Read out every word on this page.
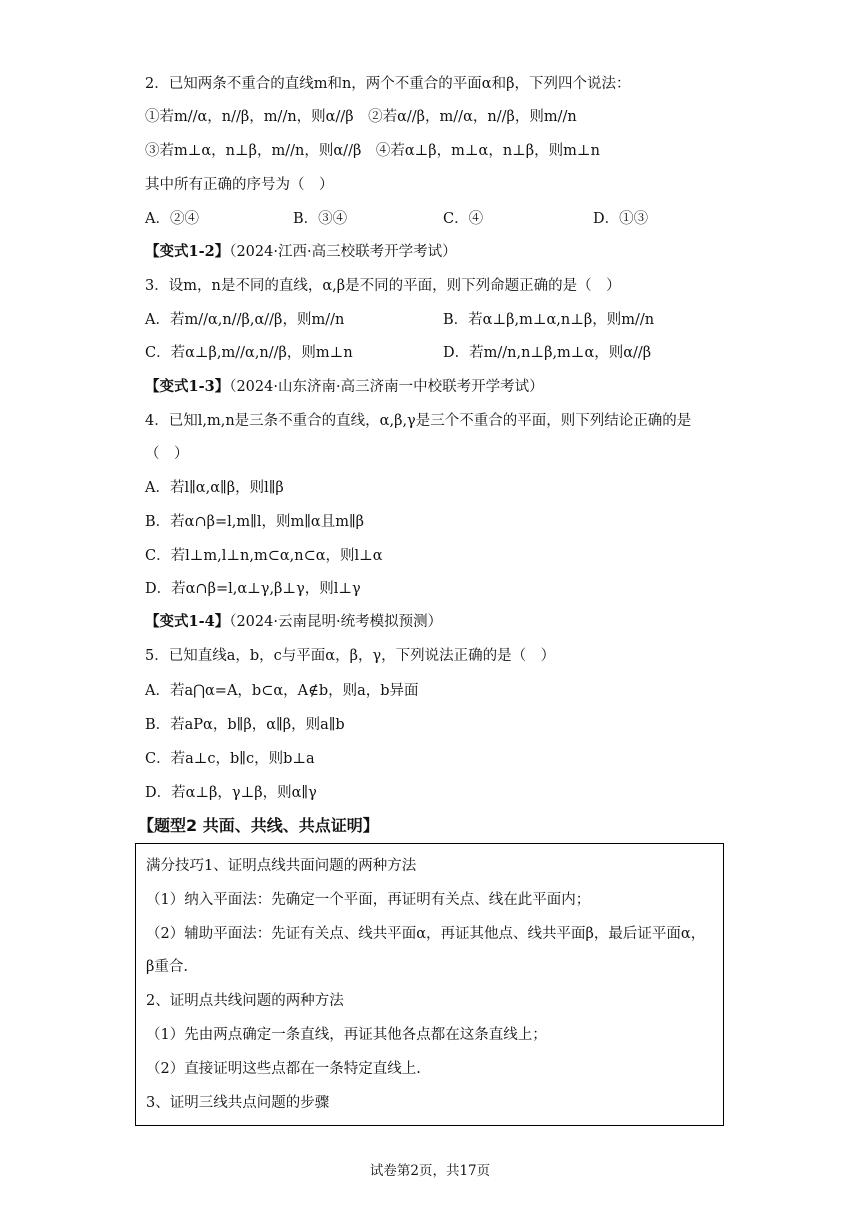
2．已知两条不重合的直线m和n，两个不重合的平面α和β，下列四个说法：
①若m//α，n//β，m//n，则α//β　②若α//β，m//α，n//β，则m//n
③若m⊥α，n⊥β，m//n，则α//β　④若α⊥β，m⊥α，n⊥β，则m⊥n
其中所有正确的序号为（　）
A．②④	B．③④	C．④	D．①③
【变式1-2】（2024·江西·高三校联考开学考试）
3．设m，n是不同的直线，α,β是不同的平面，则下列命题正确的是（　）
A．若m//α,n//β,α//β，则m//n	B．若α⊥β,m⊥α,n⊥β，则m//n
C．若α⊥β,m//α,n//β，则m⊥n	D．若m//n,n⊥β,m⊥α，则α//β
【变式1-3】（2024·山东济南·高三济南一中校联考开学考试）
4．已知l,m,n是三条不重合的直线，α,β,γ是三个不重合的平面，则下列结论正确的是
（　）
A．若l∥α,α∥β，则l∥β
B．若α∩β=l,m∥l，则m∥α且m∥β
C．若l⊥m,l⊥n,m⊂α,n⊂α，则l⊥α
D．若α∩β=l,α⊥γ,β⊥γ，则l⊥γ
【变式1-4】（2024·云南昆明·统考模拟预测）
5．已知直线a，b，c与平面α，β，γ，下列说法正确的是（　）
A．若a⋂α=A，b⊂α，A∉b，则a，b异面
B．若aΡα，b∥β，α∥β，则a∥b
C．若a⊥c，b∥c，则b⊥a
D．若α⊥β，γ⊥β，则α∥γ
【题型2 共面、共线、共点证明】
满分技巧1、证明点线共面问题的两种方法
（1）纳入平面法：先确定一个平面，再证明有关点、线在此平面内；
（2）辅助平面法：先证有关点、线共平面α，再证其他点、线共平面β，最后证平面α，
β重合.
2、证明点共线问题的两种方法
（1）先由两点确定一条直线，再证其他各点都在这条直线上；
（2）直接证明这些点都在一条特定直线上.
3、证明三线共点问题的步骤
试卷第2页，共17页
